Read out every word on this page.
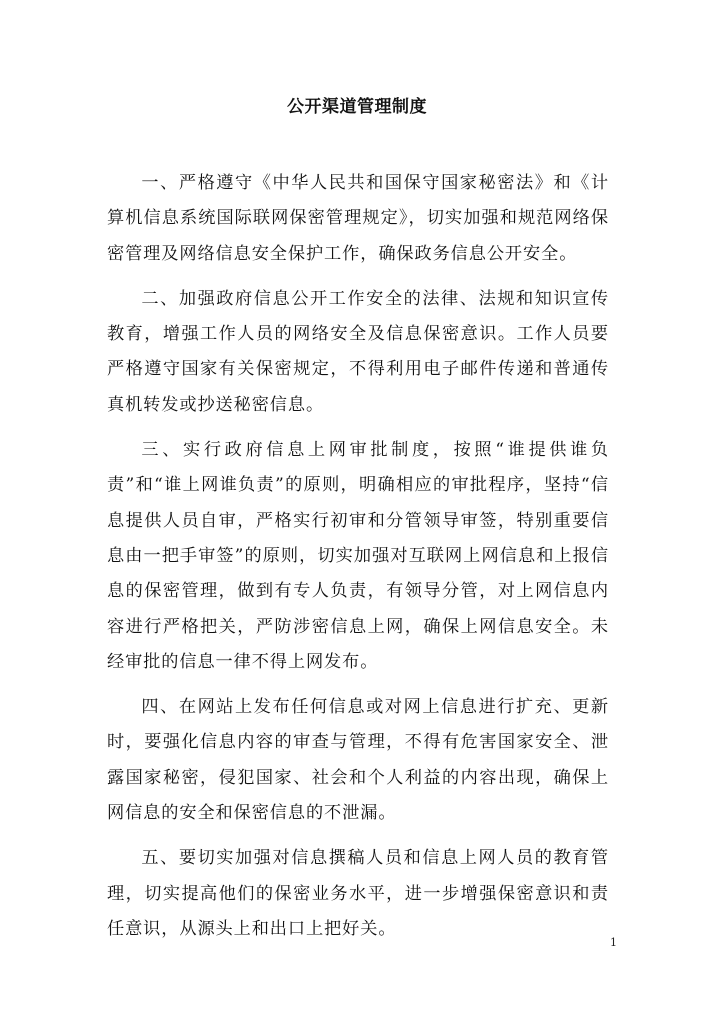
公开渠道管理制度

一、严格遵守《中华人民共和国保守国家秘密法》和《计算机信息系统国际联网保密管理规定》，切实加强和规范网络保密管理及网络信息安全保护工作，确保政务信息公开安全。

二、加强政府信息公开工作安全的法律、法规和知识宣传教育，增强工作人员的网络安全及信息保密意识。工作人员要严格遵守国家有关保密规定，不得利用电子邮件传递和普通传真机转发或抄送秘密信息。

三、实行政府信息上网审批制度，按照“谁提供谁负责”和“谁上网谁负责”的原则，明确相应的审批程序，坚持“信息提供人员自审，严格实行初审和分管领导审签，特别重要信息由一把手审签”的原则，切实加强对互联网上网信息和上报信息的保密管理，做到有专人负责，有领导分管，对上网信息内容进行严格把关，严防涉密信息上网，确保上网信息安全。未经审批的信息一律不得上网发布。

四、在网站上发布任何信息或对网上信息进行扩充、更新时，要强化信息内容的审查与管理，不得有危害国家安全、泄露国家秘密，侵犯国家、社会和个人利益的内容出现，确保上网信息的安全和保密信息的不泄漏。

五、要切实加强对信息撰稿人员和信息上网人员的教育管理，切实提高他们的保密业务水平，进一步增强保密意识和责任意识，从源头上和出口上把好关。

1
